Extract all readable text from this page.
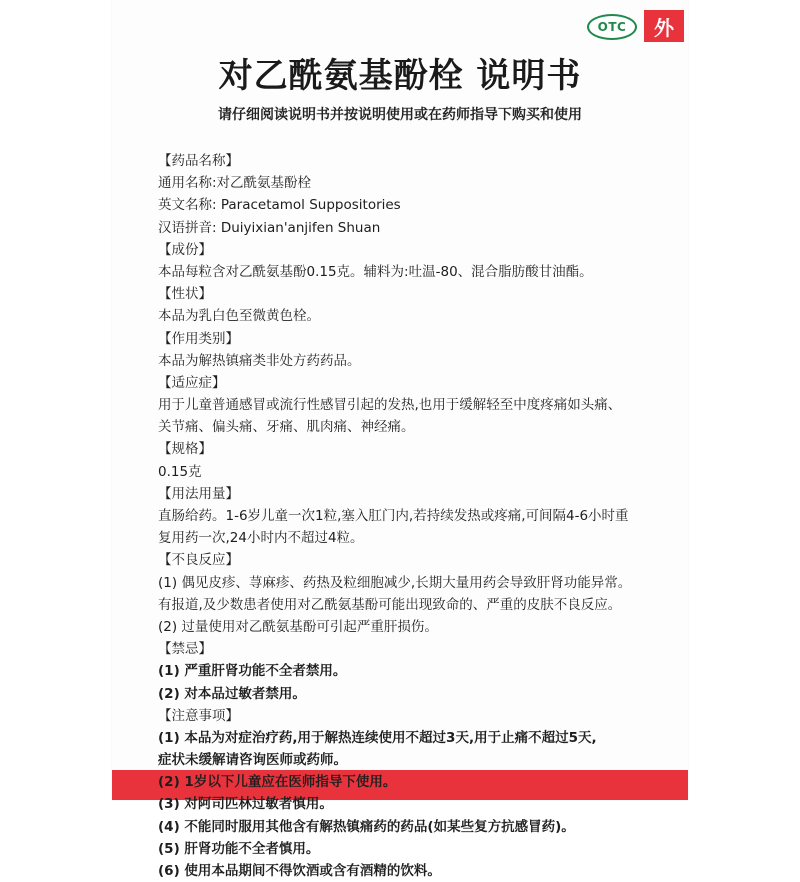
OTC	外
对乙酰氨基酚栓 说明书
请仔细阅读说明书并按说明使用或在药师指导下购买和使用
【药品名称】
通用名称:对乙酰氨基酚栓
英文名称: Paracetamol Suppositories
汉语拼音: Duiyixian'anjifen Shuan
【成份】
本品每粒含对乙酰氨基酚0.15克。辅料为:吐温-80、混合脂肪酸甘油酯。
【性状】
本品为乳白色至微黄色栓。
【作用类别】
本品为解热镇痛类非处方药药品。
【适应症】
用于儿童普通感冒或流行性感冒引起的发热,也用于缓解轻至中度疼痛如头痛、
关节痛、偏头痛、牙痛、肌肉痛、神经痛。
【规格】
0.15克
【用法用量】
直肠给药。1-6岁儿童一次1粒,塞入肛门内,若持续发热或疼痛,可间隔4-6小时重
复用药一次,24小时内不超过4粒。
【不良反应】
(1) 偶见皮疹、荨麻疹、药热及粒细胞减少,长期大量用药会导致肝肾功能异常。
有报道,及少数患者使用对乙酰氨基酚可能出现致命的、严重的皮肤不良反应。
(2) 过量使用对乙酰氨基酚可引起严重肝损伤。
【禁忌】
(1) 严重肝肾功能不全者禁用。
(2) 对本品过敏者禁用。
【注意事项】
(1) 本品为对症治疗药,用于解热连续使用不超过3天,用于止痛不超过5天,
症状未缓解请咨询医师或药师。
(2) 1岁以下儿童应在医师指导下使用。
(3) 对阿司匹林过敏者慎用。
(4) 不能同时服用其他含有解热镇痛药的药品(如某些复方抗感冒药)。
(5) 肝肾功能不全者慎用。
(6) 使用本品期间不得饮酒或含有酒精的饮料。
